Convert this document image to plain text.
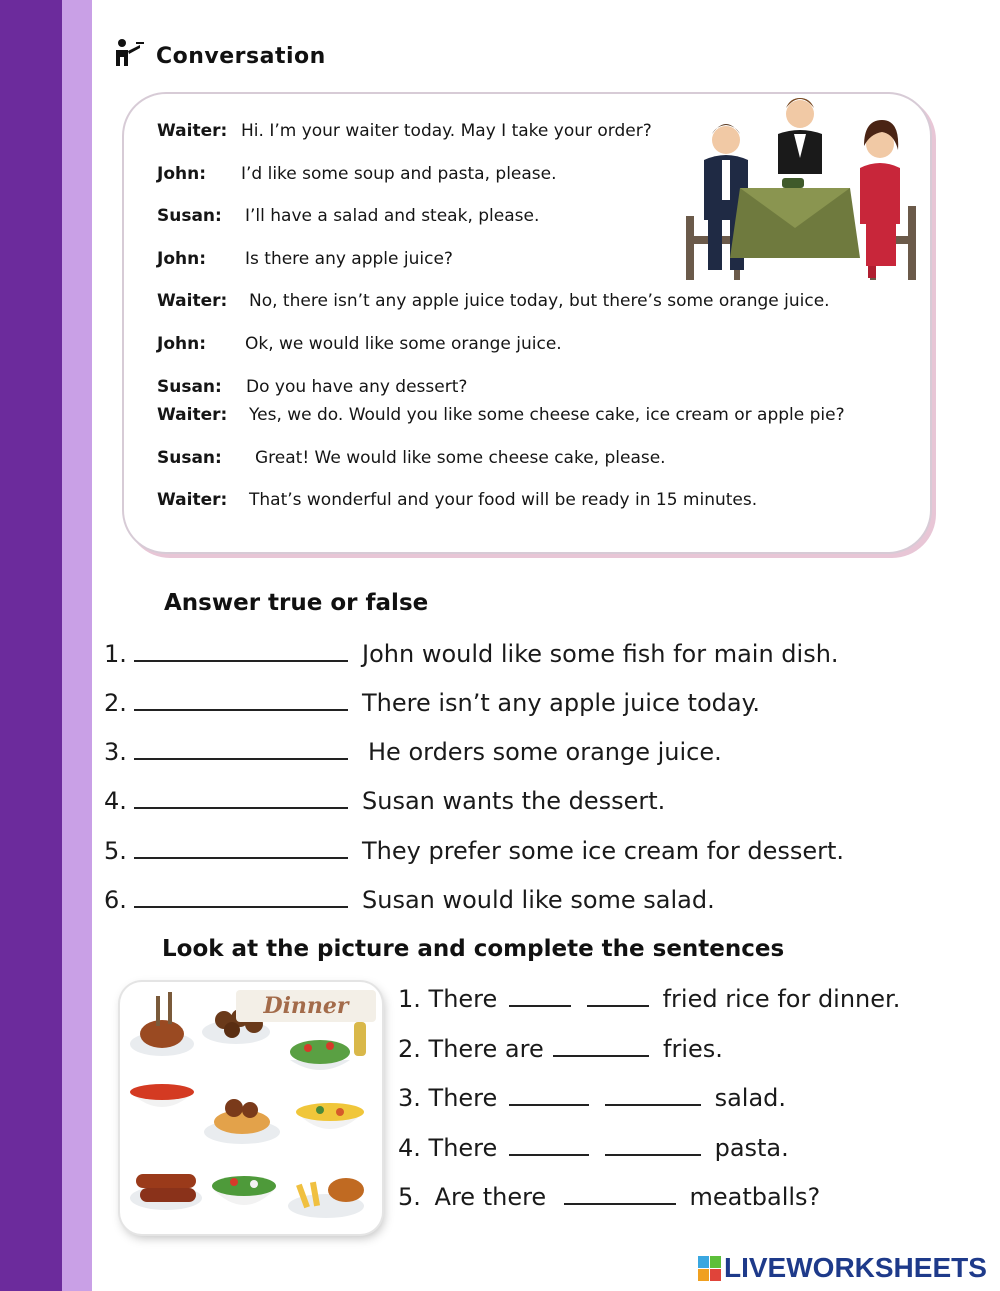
Conversation
Waiter: Hi. I’m your waiter today. May I take your order?
John: I’d like some soup and pasta, please.
Susan: I’ll have a salad and steak, please.
John: Is there any apple juice?
Waiter: No, there isn’t any apple juice today, but there’s some orange juice.
John: Ok, we would like some orange juice.
Susan: Do you have any dessert?
Waiter: Yes, we do. Would you like some cheese cake, ice cream or apple pie?
Susan: Great! We would like some cheese cake, please.
Waiter: That’s wonderful and your food will be ready in 15 minutes.
Answer true or false
1.	John would like some fish for main dish.
2.	There isn’t any apple juice today.
3.	He orders some orange juice.
4.	Susan wants the dessert.
5.	They prefer some ice cream for dessert.
6.	Susan would like some salad.
Look at the picture and complete the sentences
Dinner	1. There	fried rice for dinner.
2. There are	fries.
3. There	salad.
4. There	pasta.
5. Are there	meatballs?
LIVEWORKSHEETS
